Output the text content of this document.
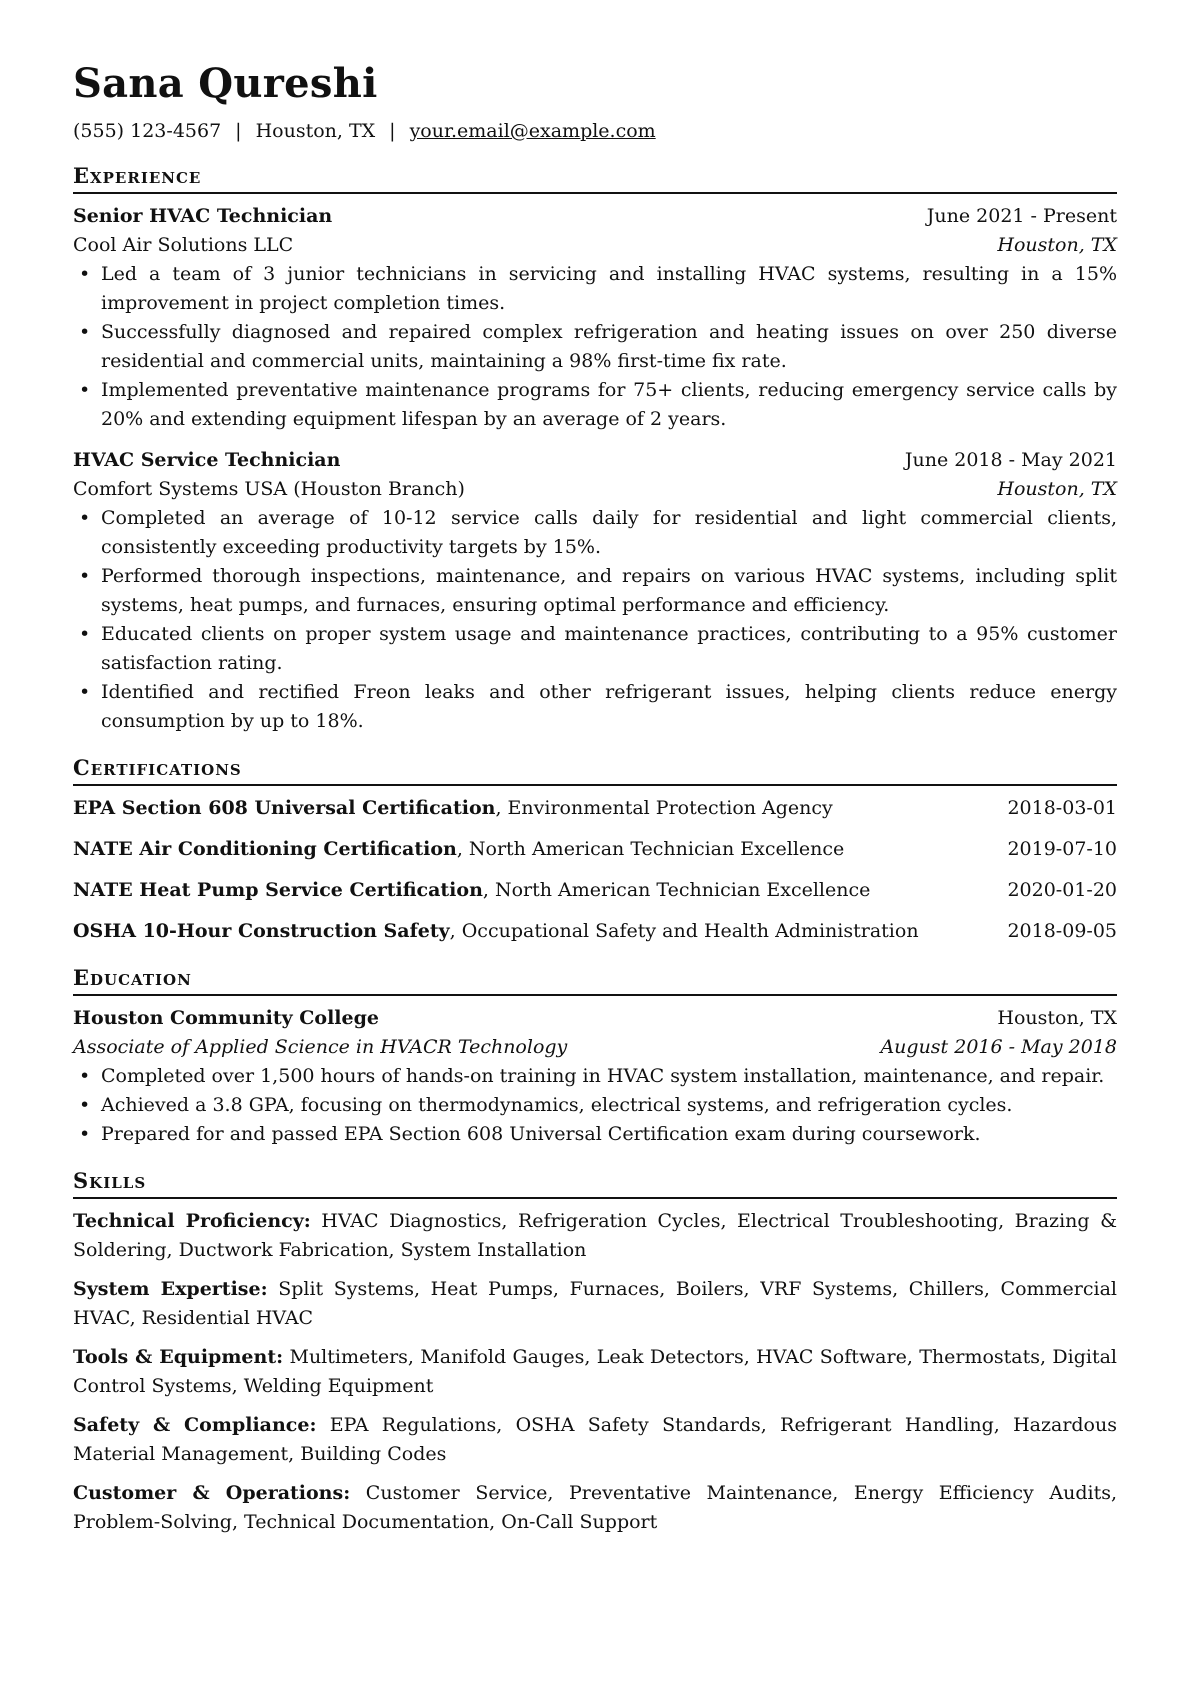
Sana Qureshi
(555) 123-4567 | Houston, TX | your.email@example.com
Experience
Senior HVAC Technician	June 2021 - Present
Cool Air Solutions LLC	Houston, TX
• Led a team of 3 junior technicians in servicing and installing HVAC systems, resulting in a 15% improvement in project completion times.
• Successfully diagnosed and repaired complex refrigeration and heating issues on over 250 diverse residential and commercial units, maintaining a 98% first-time fix rate.
• Implemented preventative maintenance programs for 75+ clients, reducing emergency service calls by 20% and extending equipment lifespan by an average of 2 years.
HVAC Service Technician	June 2018 - May 2021
Comfort Systems USA (Houston Branch)	Houston, TX
• Completed an average of 10-12 service calls daily for residential and light commercial clients, consistently exceeding productivity targets by 15%.
• Performed thorough inspections, maintenance, and repairs on various HVAC systems, including split systems, heat pumps, and furnaces, ensuring optimal performance and efficiency.
• Educated clients on proper system usage and maintenance practices, contributing to a 95% customer satisfaction rating.
• Identified and rectified Freon leaks and other refrigerant issues, helping clients reduce energy consumption by up to 18%.
Certifications
EPA Section 608 Universal Certification, Environmental Protection Agency	2018-03-01
NATE Air Conditioning Certification, North American Technician Excellence	2019-07-10
NATE Heat Pump Service Certification, North American Technician Excellence	2020-01-20
OSHA 10-Hour Construction Safety, Occupational Safety and Health Administration	2018-09-05
Education
Houston Community College	Houston, TX
Associate of Applied Science in HVACR Technology	August 2016 - May 2018
• Completed over 1,500 hours of hands-on training in HVAC system installation, maintenance, and repair.
• Achieved a 3.8 GPA, focusing on thermodynamics, electrical systems, and refrigeration cycles.
• Prepared for and passed EPA Section 608 Universal Certification exam during coursework.
Skills
Technical Proficiency: HVAC Diagnostics, Refrigeration Cycles, Electrical Troubleshooting, Brazing & Soldering, Ductwork Fabrication, System Installation
System Expertise: Split Systems, Heat Pumps, Furnaces, Boilers, VRF Systems, Chillers, Commercial HVAC, Residential HVAC
Tools & Equipment: Multimeters, Manifold Gauges, Leak Detectors, HVAC Software, Thermostats, Digital Control Systems, Welding Equipment
Safety & Compliance: EPA Regulations, OSHA Safety Standards, Refrigerant Handling, Hazardous Material Management, Building Codes
Customer & Operations: Customer Service, Preventative Maintenance, Energy Efficiency Audits, Problem-Solving, Technical Documentation, On-Call Support
